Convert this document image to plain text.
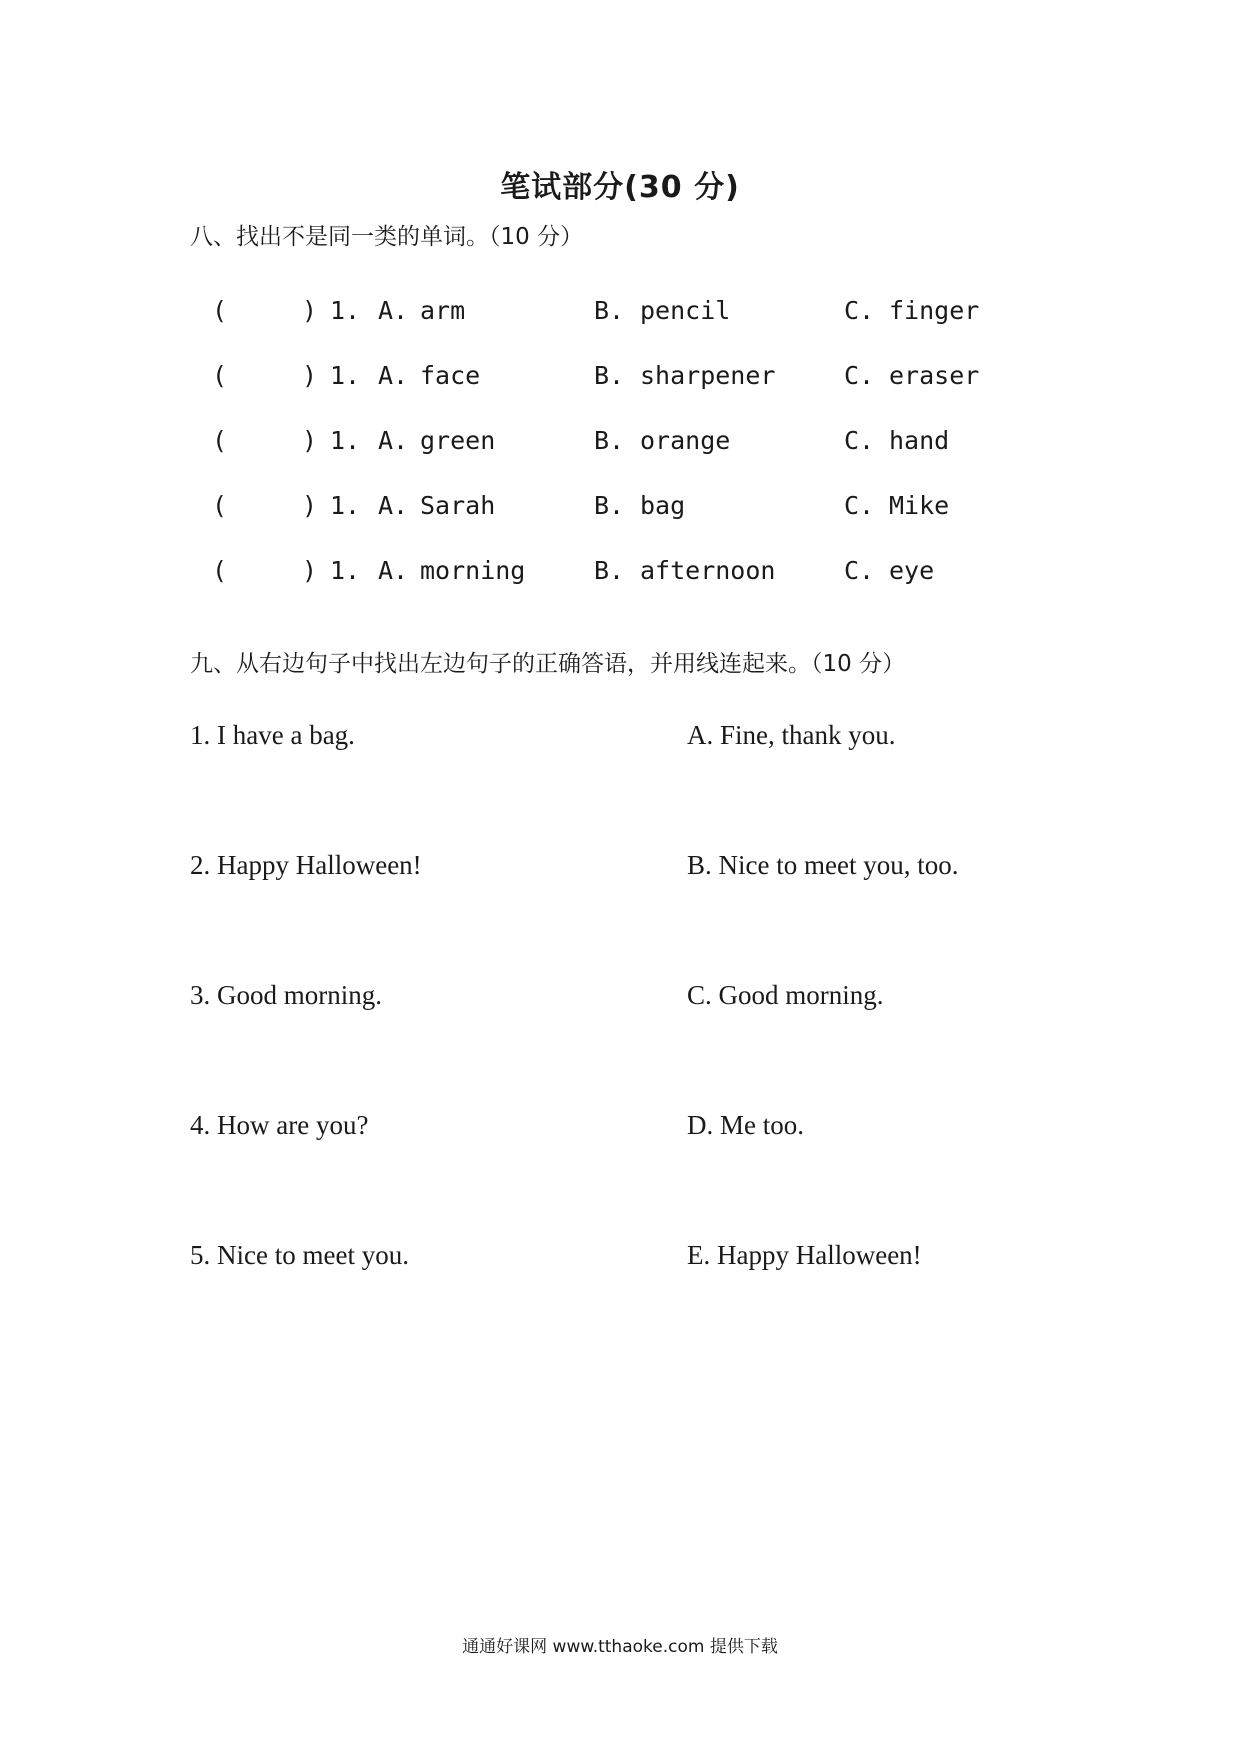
笔试部分(30 分)
八、找出不是同一类的单词。（10 分）
(	) 1. A. arm	B. pencil	C. finger
(	) 1. A. face	B. sharpener	C. eraser
(	) 1. A. green	B. orange	C. hand
(	) 1. A. Sarah	B. bag	C. Mike
(	) 1. A. morning	B. afternoon	C. eye
九、从右边句子中找出左边句子的正确答语，并用线连起来。（10 分）
1. I have a bag.	A. Fine, thank you.
2. Happy Halloween!	B. Nice to meet you, too.
3. Good morning.	C. Good morning.
4. How are you?	D. Me too.
5. Nice to meet you.	E. Happy Halloween!
通通好课网 www.tthaoke.com 提供下载
